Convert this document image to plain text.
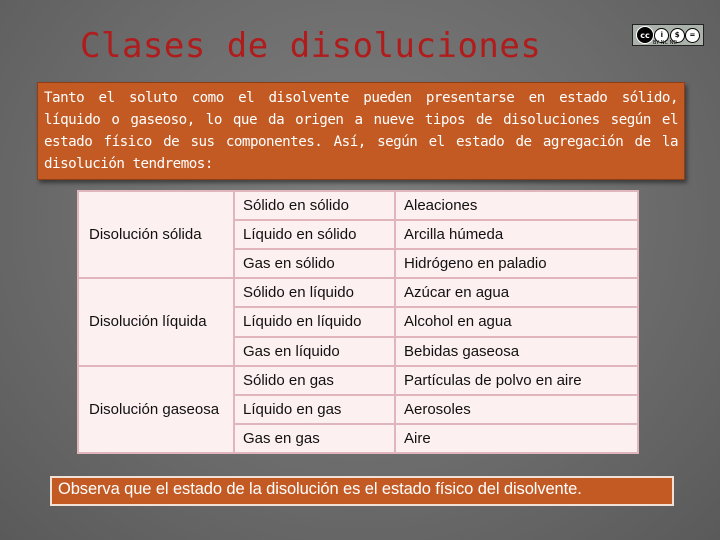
Clases de disoluciones	cc	i	$	=
BY NC ND
Tanto el soluto como el disolvente pueden presentarse en estado sólido, líquido o gaseoso, lo que da origen a nueve tipos de disoluciones según el estado físico de sus componentes. Así, según el estado de agregación de la disolución tendremos:
Disolución sólida	Sólido en sólido	Aleaciones
	Líquido en sólido	Arcilla húmeda
	Gas en sólido	Hidrógeno en paladio
Disolución líquida	Sólido en líquido	Azúcar en agua
	Líquido en líquido	Alcohol en agua
	Gas en líquido	Bebidas gaseosa
Disolución gaseosa	Sólido en gas	Partículas de polvo en aire
	Líquido en gas	Aerosoles
	Gas en gas	Aire
Observa que el estado de la disolución es el estado físico del disolvente.
